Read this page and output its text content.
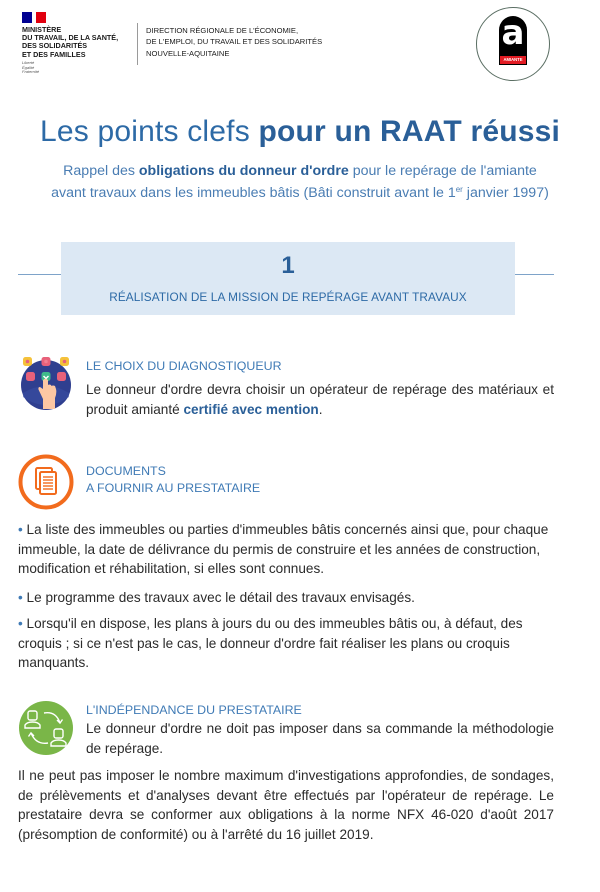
MINISTÈRE
DU TRAVAIL, DE LA SANTÉ,
DES SOLIDARITÉS
ET DES FAMILLES
Liberté
Égalité
Fraternité
DIRECTION RÉGIONALE DE L'ÉCONOMIE,
DE L'EMPLOI, DU TRAVAIL ET DES SOLIDARITÉS
NOUVELLE-AQUITAINE
a
AMIANTE
Les points clefs pour un RAAT réussi
Rappel des obligations du donneur d'ordre pour le repérage de l'amiante
avant travaux dans les immeubles bâtis (Bâti construit avant le 1er janvier 1997)
1
RÉALISATION DE LA MISSION DE REPÉRAGE AVANT TRAVAUX
LE CHOIX DU DIAGNOSTIQUEUR
Le donneur d'ordre devra choisir un opérateur de repérage des matériaux et produit amianté certifié avec mention.
DOCUMENTS
A FOURNIR AU PRESTATAIRE
• La liste des immeubles ou parties d'immeubles bâtis concernés ainsi que, pour chaque immeuble, la date de délivrance du permis de construire et les années de construction, modification et réhabilitation, si elles sont connues.
• Le programme des travaux avec le détail des travaux envisagés.
• Lorsqu'il en dispose, les plans à jours du ou des immeubles bâtis ou, à défaut, des croquis ; si ce n'est pas le cas, le donneur d'ordre fait réaliser les plans ou croquis manquants.
L'INDÉPENDANCE DU PRESTATAIRE
Le donneur d'ordre ne doit pas imposer dans sa commande la méthodologie de repérage.
Il ne peut pas imposer le nombre maximum d'investigations approfondies, de sondages, de prélèvements et d'analyses devant être effectués par l'opérateur de repérage. Le prestataire devra se conformer aux obligations à la norme NFX 46-020 d'août 2017 (présomption de conformité) ou à l'arrêté du 16 juillet 2019.
